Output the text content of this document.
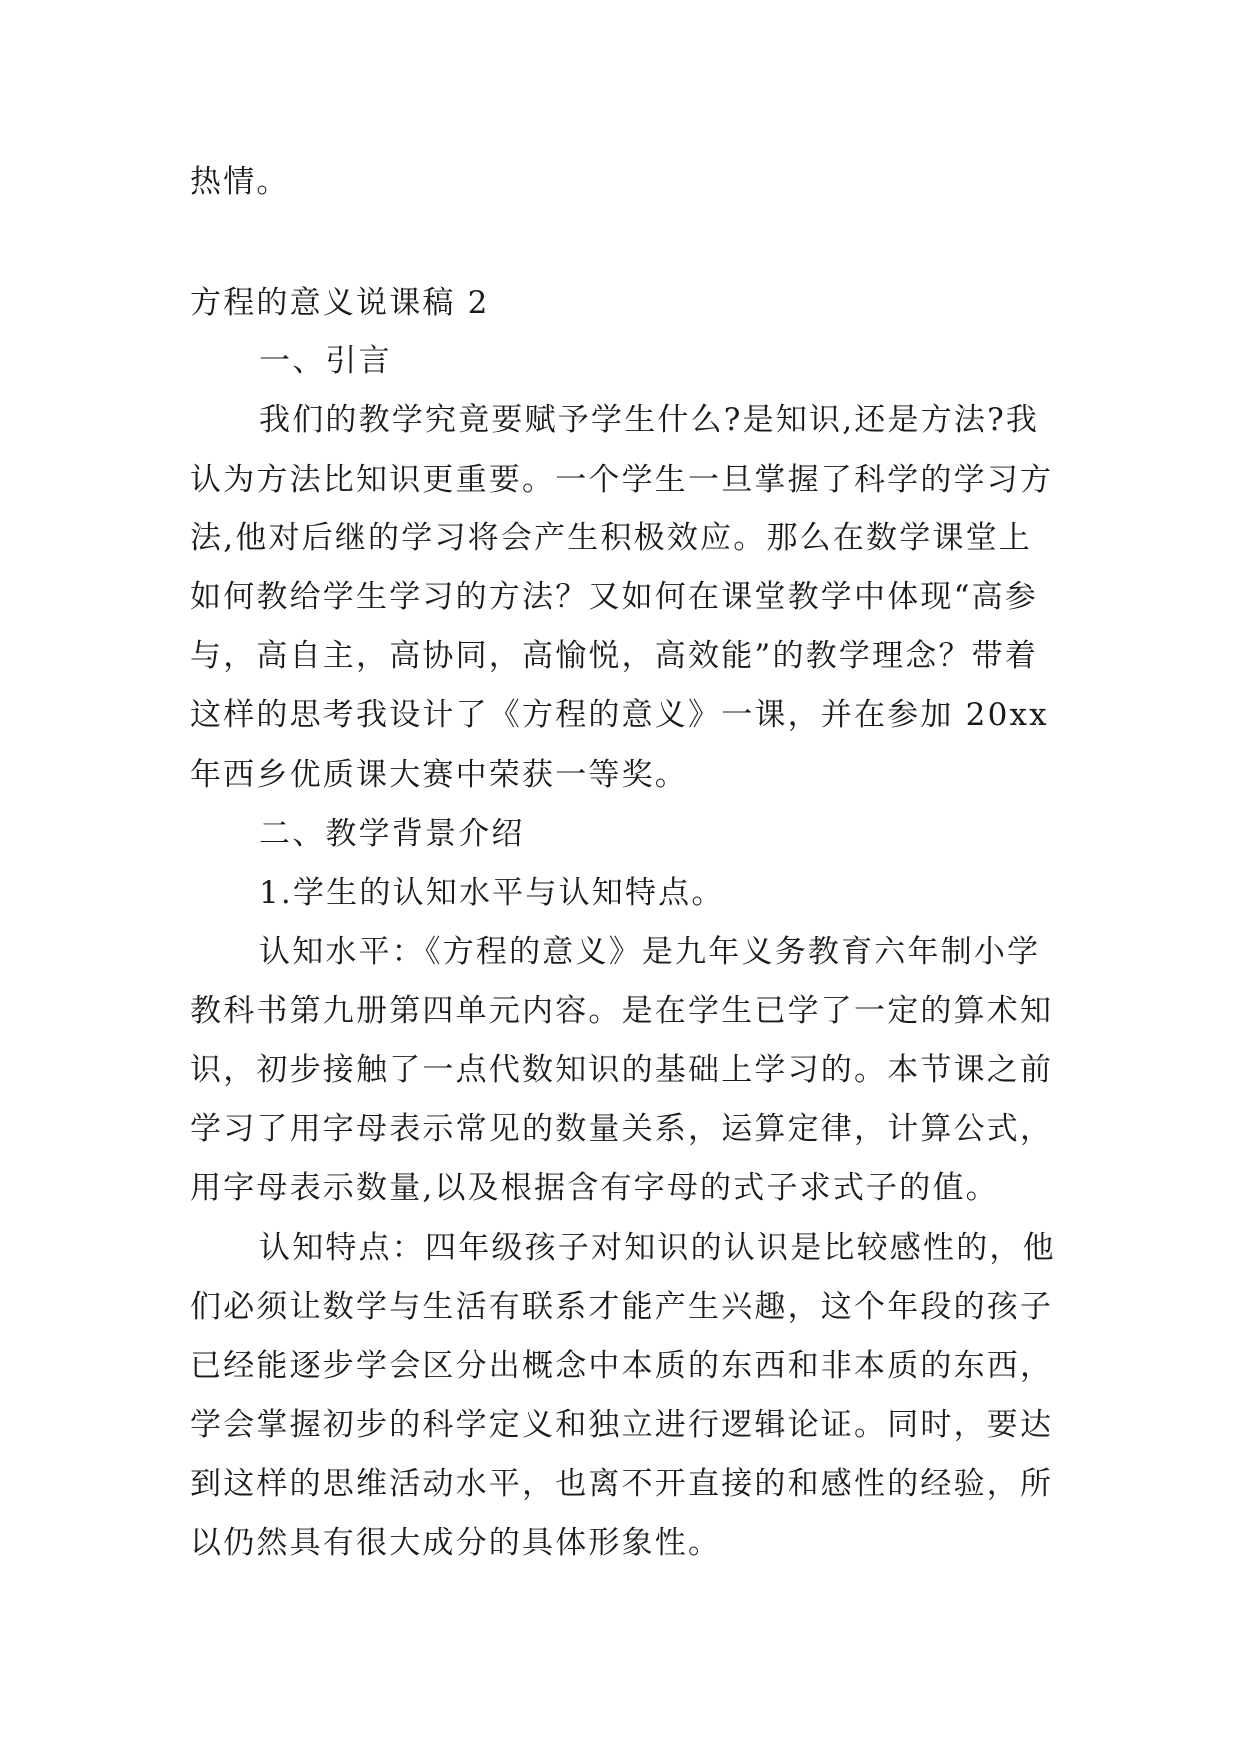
热情。
方程的意义说课稿 2
一、引言
我们的教学究竟要赋予学生什么?是知识,还是方法?我
认为方法比知识更重要。一个学生一旦掌握了科学的学习方
法,他对后继的学习将会产生积极效应。那么在数学课堂上
如何教给学生学习的方法？又如何在课堂教学中体现“高参
与，高自主，高协同，高愉悦，高效能”的教学理念？带着
这样的思考我设计了《方程的意义》一课，并在参加 20xx
年西乡优质课大赛中荣获一等奖。
二、教学背景介绍
1.学生的认知水平与认知特点。
认知水平：《方程的意义》是九年义务教育六年制小学
教科书第九册第四单元内容。是在学生已学了一定的算术知
识，初步接触了一点代数知识的基础上学习的。本节课之前
学习了用字母表示常见的数量关系，运算定律，计算公式，
用字母表示数量,以及根据含有字母的式子求式子的值。
认知特点：四年级孩子对知识的认识是比较感性的，他
们必须让数学与生活有联系才能产生兴趣，这个年段的孩子
已经能逐步学会区分出概念中本质的东西和非本质的东西，
学会掌握初步的科学定义和独立进行逻辑论证。同时，要达
到这样的思维活动水平，也离不开直接的和感性的经验，所
以仍然具有很大成分的具体形象性。
